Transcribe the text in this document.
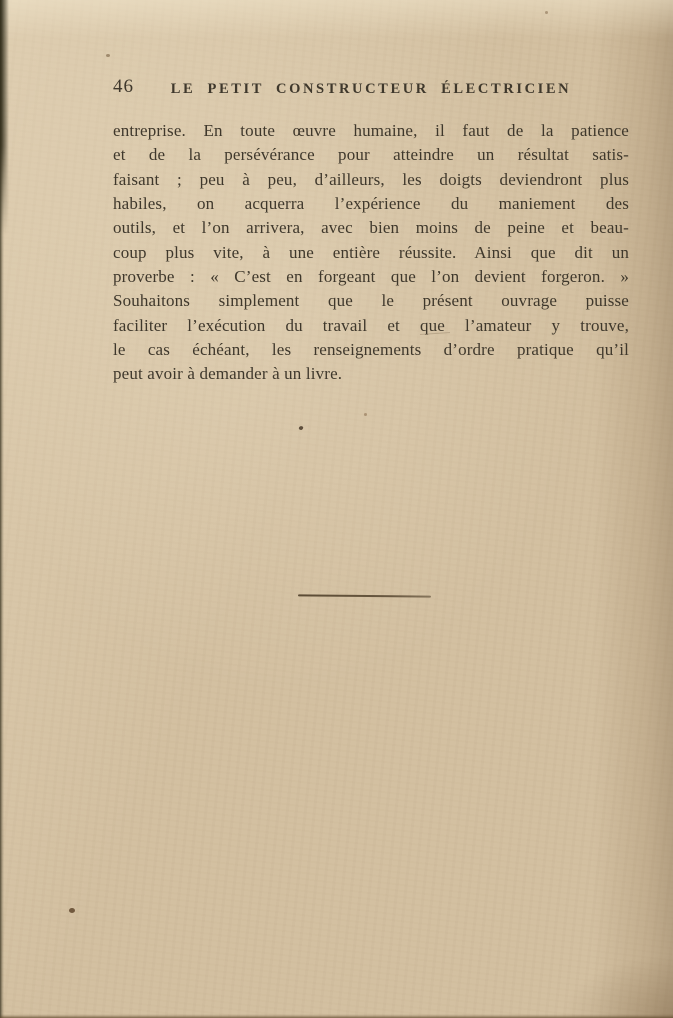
46	LE PETIT CONSTRUCTEUR ÉLECTRICIEN
entreprise. En toute œuvre humaine, il faut de la patience
et de la persévérance pour atteindre un résultat satis-
faisant ; peu à peu, d’ailleurs, les doigts deviendront plus
habiles, on acquerra l’expérience du maniement des
outils, et l’on arrivera, avec bien moins de peine et beau-
coup plus vite, à une entière réussite. Ainsi que dit un
proverbe : « C’est en forgeant que l’on devient forgeron. »
Souhaitons simplement que le présent ouvrage puisse
faciliter l’exécution du travail et que l’amateur y trouve,
le cas échéant, les renseignements d’ordre pratique qu’il
peut avoir à demander à un livre.
